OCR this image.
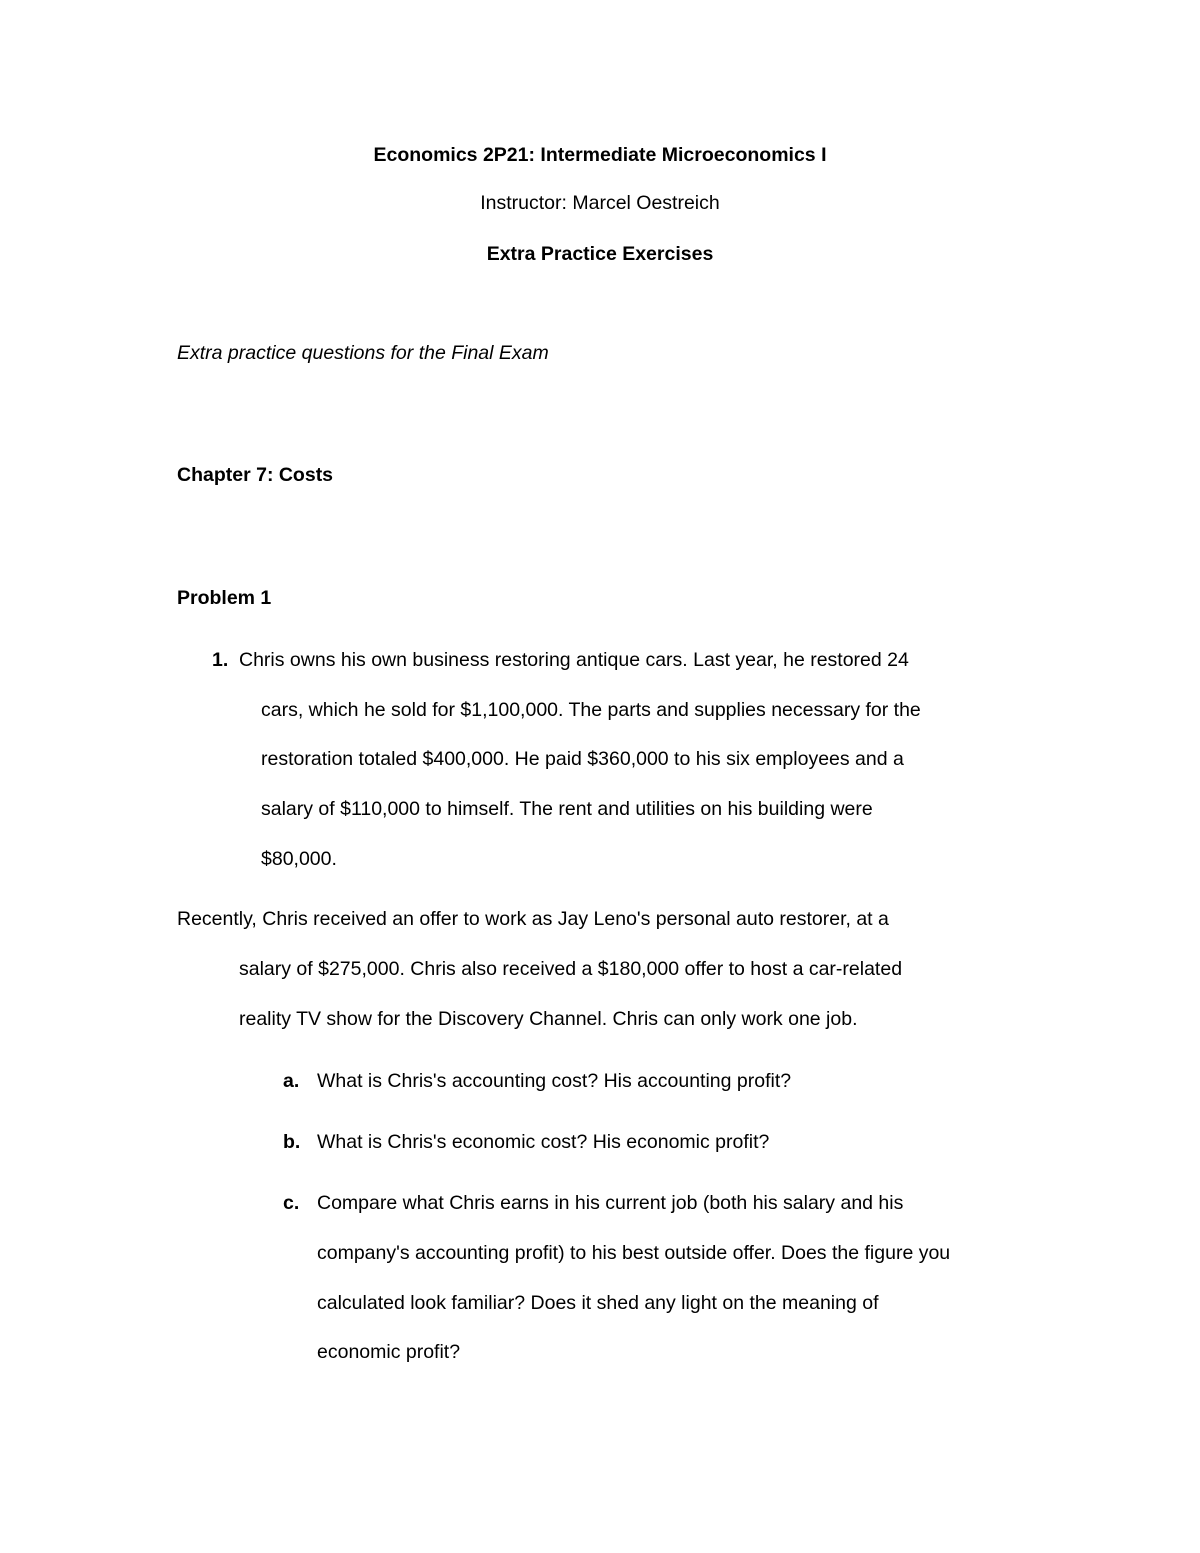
Economics 2P21: Intermediate Microeconomics I
Instructor: Marcel Oestreich
Extra Practice Exercises
Extra practice questions for the Final Exam
Chapter 7: Costs
Problem 1
1. Chris owns his own business restoring antique cars. Last year, he restored 24
cars, which he sold for $1,100,000. The parts and supplies necessary for the
restoration totaled $400,000. He paid $360,000 to his six employees and a
salary of $110,000 to himself. The rent and utilities on his building were
$80,000.
Recently, Chris received an offer to work as Jay Leno's personal auto restorer, at a
salary of $275,000. Chris also received a $180,000 offer to host a car-related
reality TV show for the Discovery Channel. Chris can only work one job.
a. What is Chris's accounting cost? His accounting profit?
b. What is Chris's economic cost? His economic profit?
c. Compare what Chris earns in his current job (both his salary and his
company's accounting profit) to his best outside offer. Does the figure you
calculated look familiar? Does it shed any light on the meaning of
economic profit?
